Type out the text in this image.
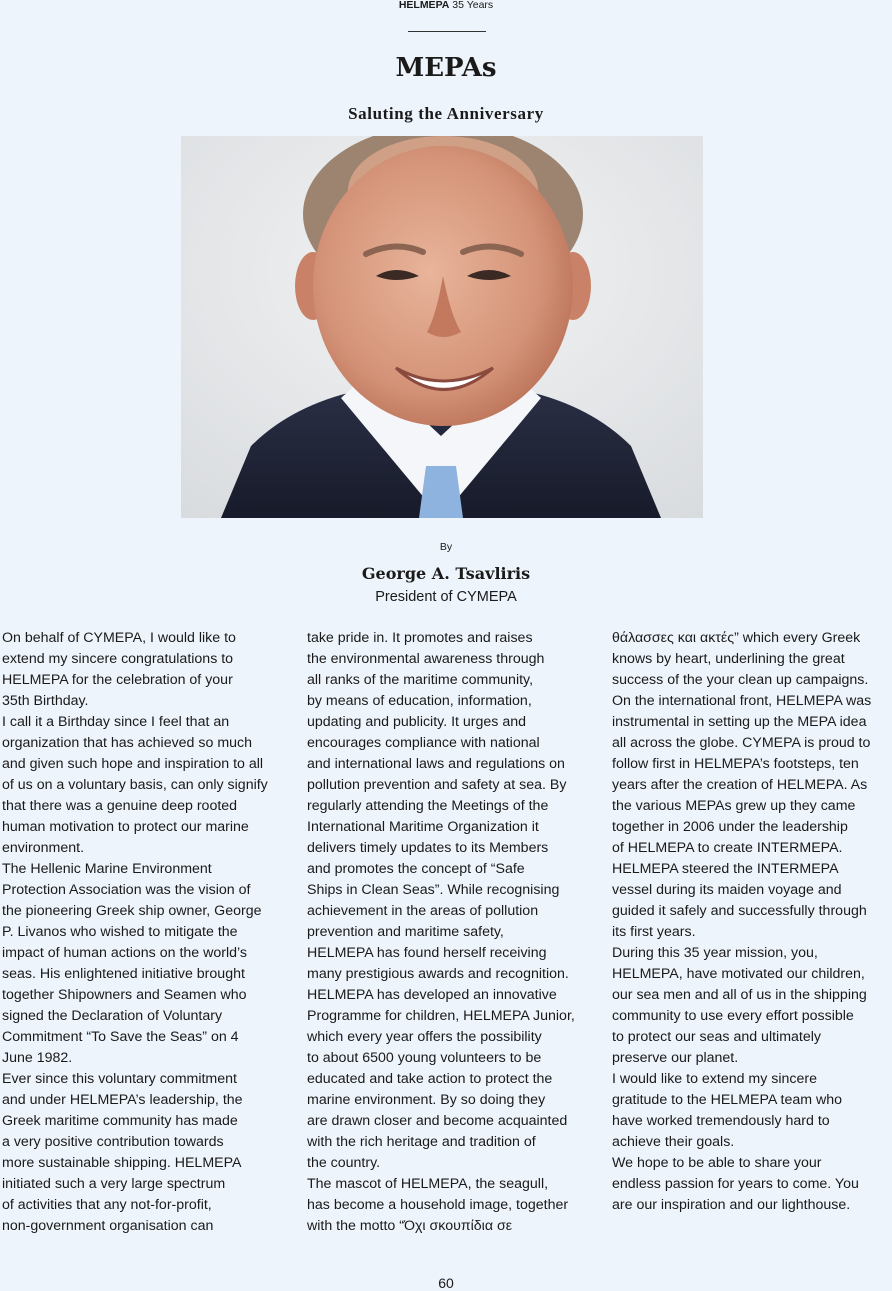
HELMEPA 35 Years
MEPAs
Saluting the Anniversary
By
George A. Tsavliris
President of CYMEPA

On behalf of CYMEPA, I would like to

extend my sincere congratulations to

HELMEPA for the celebration of your

35th Birthday.

I call it a Birthday since I feel that an

organization that has achieved so much

and given such hope and inspiration to all

of us on a voluntary basis, can only signify

that there was a genuine deep rooted

human motivation to protect our marine

environment.

The Hellenic Marine Environment

Protection Association was the vision of

the pioneering Greek ship owner, George

P. Livanos who wished to mitigate the

impact of human actions on the world’s

seas. His enlightened initiative brought

together Shipowners and Seamen who

signed the Declaration of Voluntary

Commitment “To Save the Seas” on 4

June 1982.

Ever since this voluntary commitment

and under HELMEPA’s leadership, the

Greek maritime community has made

a very positive contribution towards

more sustainable shipping. HELMEPA

initiated such a very large spectrum

of activities that any not-for-profit,

non-government organisation can

take pride in. It promotes and raises

the environmental awareness through

all ranks of the maritime community,

by means of education, information,

updating and publicity. It urges and

encourages compliance with national

and international laws and regulations on

pollution prevention and safety at sea. By

regularly attending the Meetings of the

International Maritime Organization it

delivers timely updates to its Members

and promotes the concept of “Safe

Ships in Clean Seas”. While recognising

achievement in the areas of pollution

prevention and maritime safety,

HELMEPA has found herself receiving

many prestigious awards and recognition.

HELMEPA has developed an innovative

Programme for children, HELMEPA Junior,

which every year offers the possibility

to about 6500 young volunteers to be

educated and take action to protect the

marine environment. By so doing they

are drawn closer and become acquainted

with the rich heritage and tradition of

the country.

The mascot of HELMEPA, the seagull,

has become a household image, together

with the motto “Όχι σκουπίδια σε

θάλασσες και ακτές” which every Greek

knows by heart, underlining the great

success of the your clean up campaigns.

On the international front, HELMEPA was

instrumental in setting up the MEPA idea

all across the globe. CYMEPA is proud to

follow first in HELMEPA’s footsteps, ten

years after the creation of HELMEPA. As

the various MEPAs grew up they came

together in 2006 under the leadership

of HELMEPA to create INTERMEPA.

HELMEPA steered the INTERMEPA

vessel during its maiden voyage and

guided it safely and successfully through

its first years.

During this 35 year mission, you,

HELMEPA, have motivated our children,

our sea men and all of us in the shipping

community to use every effort possible

to protect our seas and ultimately

preserve our planet.

I would like to extend my sincere

gratitude to the HELMEPA team who

have worked tremendously hard to

achieve their goals.

We hope to be able to share your

endless passion for years to come. You

are our inspiration and our lighthouse.

60
